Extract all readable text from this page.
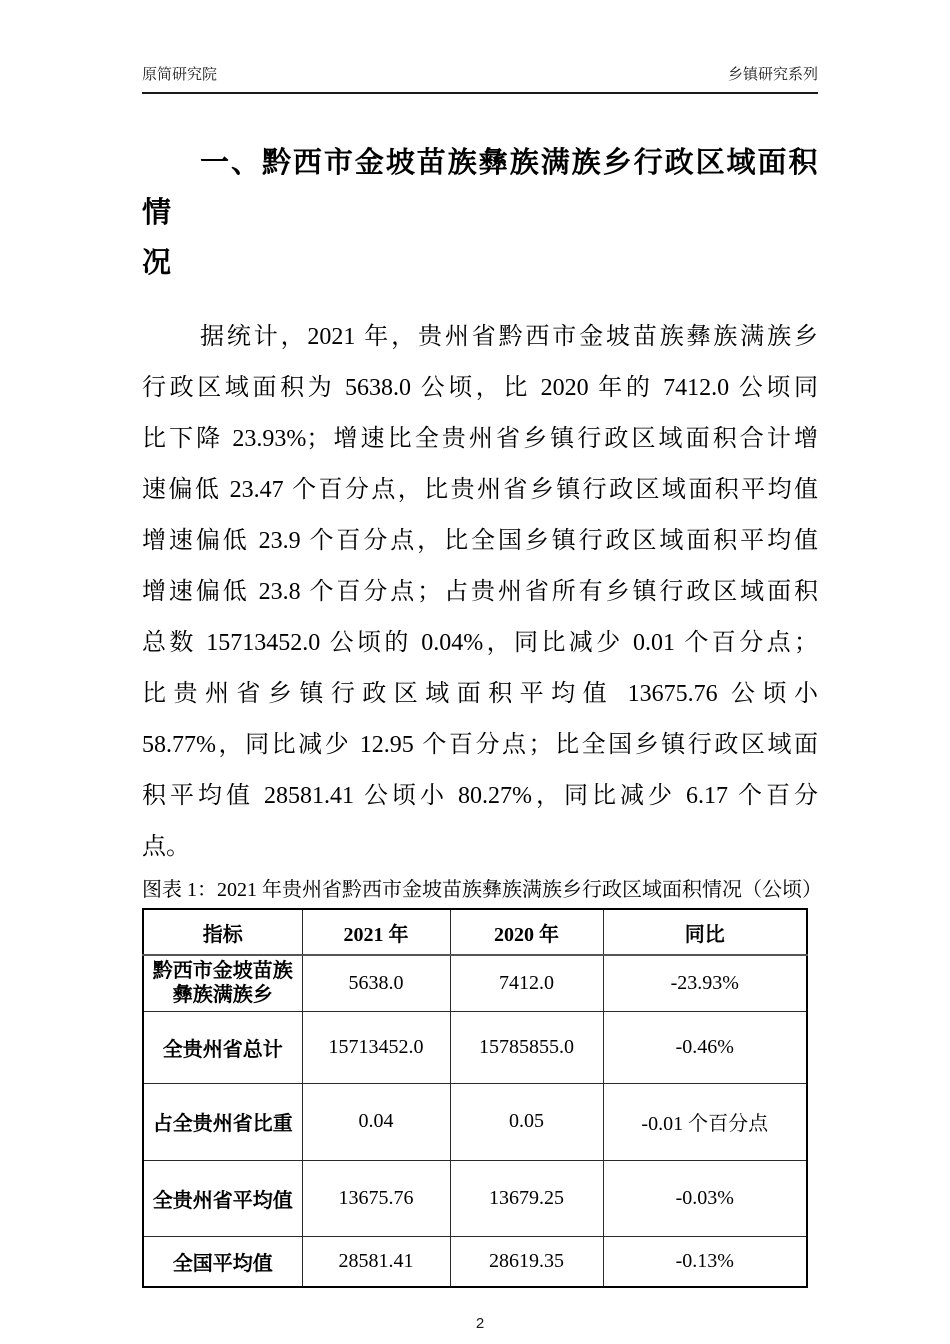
原简研究院	乡镇研究系列
一、黔西市金坡苗族彝族满族乡行政区域面积情
况
据统计，2021 年，贵州省黔西市金坡苗族彝族满族乡
行政区域面积为 5638.0 公顷，比 2020 年的 7412.0 公顷同
比下降 23.93%；增速比全贵州省乡镇行政区域面积合计增
速偏低 23.47 个百分点，比贵州省乡镇行政区域面积平均值
增速偏低 23.9 个百分点，比全国乡镇行政区域面积平均值
增速偏低 23.8 个百分点；占贵州省所有乡镇行政区域面积
总数 15713452.0 公顷的 0.04%，同比减少 0.01 个百分点；
比贵州省乡镇行政区域面积平均值 13675.76 公顷小
58.77%，同比减少 12.95 个百分点；比全国乡镇行政区域面
积平均值 28581.41 公顷小 80.27%，同比减少 6.17 个百分
点。
图表 1：2021 年贵州省黔西市金坡苗族彝族满族乡行政区域面积情况（公顷）
指标	2021 年	2020 年	同比

黔西市金坡苗族
彝族满族乡	5638.0	7412.0	-23.93%
全贵州省总计	15713452.0	15785855.0	-0.46%
占全贵州省比重	0.04	0.05	-0.01 个百分点
全贵州省平均值	13675.76	13679.25	-0.03%
全国平均值	28581.41	28619.35	-0.13%
2
